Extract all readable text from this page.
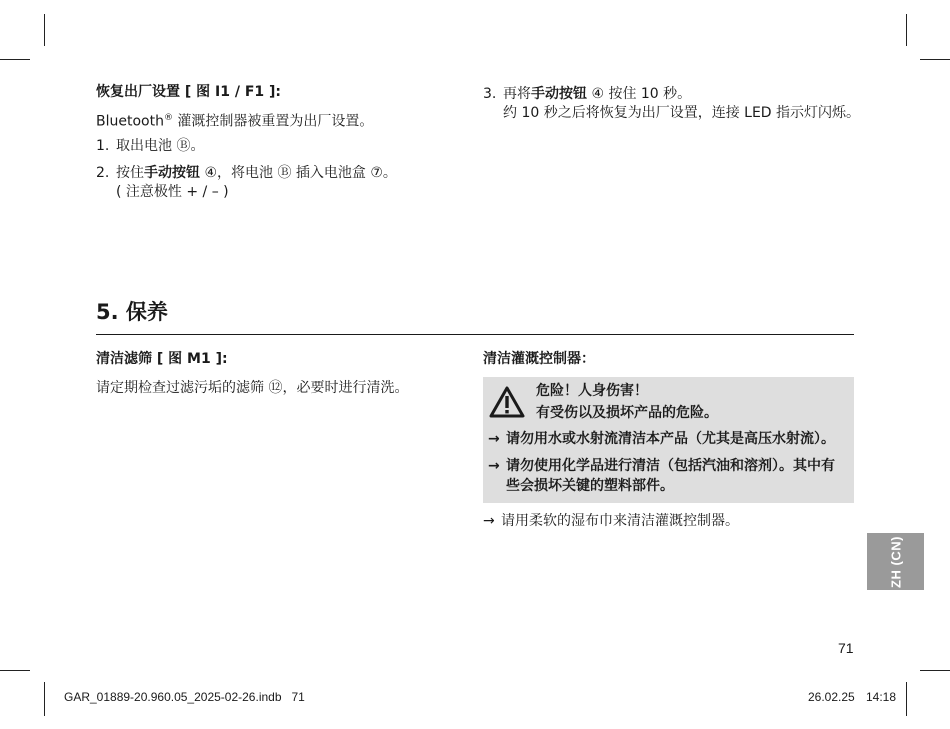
恢复出厂设置 [ 图 I1 / F1 ]:
Bluetooth® 灌溉控制器被重置为出厂设置。
1. 取出电池 Ⓑ。
2. 按住手动按钮 ④，将电池 Ⓑ 插入电池盒 ⑦。
( 注意极性 + / – )
3. 再将手动按钮 ④ 按住 10 秒。
约 10 秒之后将恢复为出厂设置，连接 LED 指示灯闪烁。
5. 保养
清洁滤筛 [ 图 M1 ]:
请定期检查过滤污垢的滤筛 ⑫，必要时进行清洗。
清洁灌溉控制器：
危险！人身伤害！
有受伤以及损坏产品的危险。
→ 请勿用水或水射流清洁本产品（尤其是高压水射流）。
→ 请勿使用化学品进行清洁（包括汽油和溶剂）。其中有
些会损坏关键的塑料部件。
→ 请用柔软的湿布巾来清洁灌溉控制器。
ZH (CN)
71
GAR_01889-20.960.05_2025-02-26.indb   71	26.02.25 14:18
